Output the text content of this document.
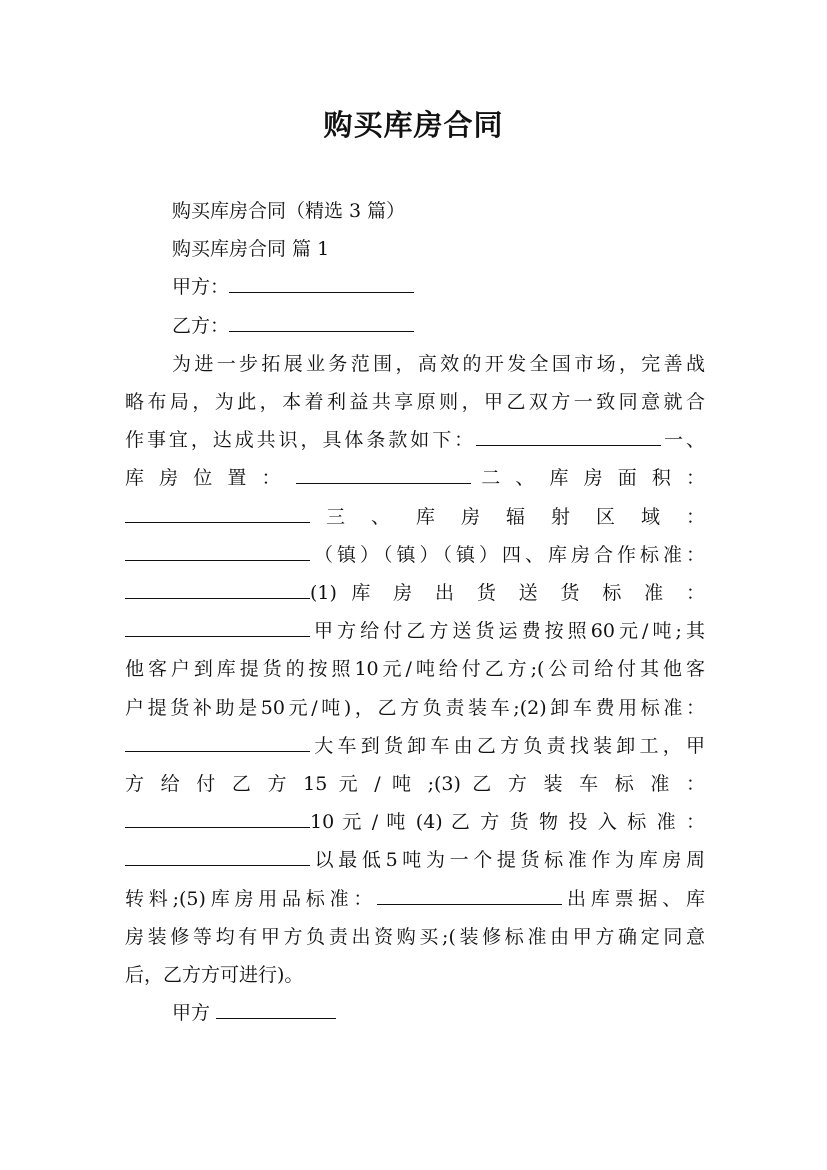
购买库房合同
购买库房合同（精选 3 篇）
购买库房合同 篇 1
甲方：
乙方：
为进一步拓展业务范围，高效的开发全国市场，完善战
略布局，为此，本着利益共享原则，甲乙双方一致同意就合
作事宜，达成共识，具体条款如下：	一、
库 房 位 置 ：	二 、 库 房 面 积 ：
三 、 库 房 辐 射 区 域 ：
（镇）（镇）（镇）四、库房合作标准：
(1) 库 房 出 货 送 货 标 准 ：
甲方给付乙方送货运费按照60元/吨;其
他客户到库提货的按照10元/吨给付乙方;(公司给付其他客
户提货补助是50元/吨)，乙方负责装车;(2)卸车费用标准：
大车到货卸车由乙方负责找装卸工，甲
方 给 付 乙 方 15 元 / 吨 ;(3) 乙 方 装 车 标 准 ：
10 元 / 吨 (4) 乙 方 货 物 投 入 标 准 ：
以最低5吨为一个提货标准作为库房周
转料;(5)库房用品标准：	出库票据、库
房装修等均有甲方负责出资购买;(装修标准由甲方确定同意
后，乙方方可进行)。
甲方
